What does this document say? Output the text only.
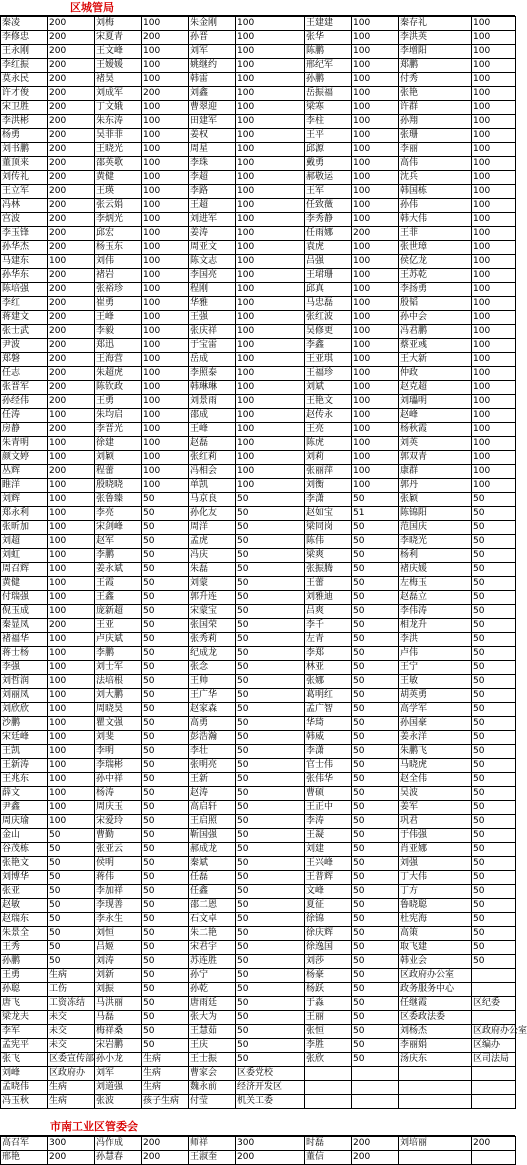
区城管局
秦凌	200	刘梅	100	朱金刚	100	王建建	100	秦存礼	100
李修忠	200	宋夏青	200	孙晋	100	张华	100	李洪英	100
王永刚	200	王文峰	100	刘军	100	陈鹏	100	李增阳	100
李红振	200	王嫒媛	100	姚继约	100	邢纪军	100	郑鹏	100
莫永民	200	褚昊	100	韩雷	100	孙鹏	100	付秀	100
许才俊	200	刘成军	200	刘鑫	100	岳振福	100	张艳	100
宋卫胜	200	丁文娥	100	曹翠迎	100	梁寒	100	许群	100
李洪彬	200	朱东涛	100	田建军	100	李柱	100	孙翔	100
杨勇	200	吴菲菲	100	姜权	100	王平	100	张珊	100
刘书鹏	200	王晓光	100	周星	100	邱源	100	李丽	100
董顶来	200	邵英歌	100	李珠	100	戴勇	100	高伟	100
刘传礼	200	黄健	100	李超	100	郝敬运	100	沈兵	100
王立军	200	王瑛	100	李路	100	王军	100	韩国栋	100
冯林	200	张云娟	100	王超	100	任致薇	100	孙伟	100
宫波	200	李炳光	100	刘进军	100	李秀静	100	韩大伟	100
李玉锋	200	邱宏	100	姜涛	100	任雨娜	200	王菲	100
孙华杰	200	杨玉东	100	周亚文	100	袁虎	100	张世璋	100
马建东	100	刘伟	100	陈文志	100	吕强	100	侯亿龙	100
孙华东	200	褚岩	100	李国亮	100	王珺珊	100	王苏乾	100
陈培强	200	张裕珍	100	程刚	100	邱真	100	李扬勇	100
李红	200	崔勇	100	华雅	100	马忠磊	100	殷韬	100
蒋建文	200	王峰	100	王强	100	张红波	100	孙中会	100
张士武	200	李毅	100	张庆祥	100	吴修更	100	冯君鹏	100
尹波	200	郑迅	100	于宝雷	100	李鑫	100	蔡亚彧	100
郑磐	200	王海营	100	岳成	100	王亚琪	100	王大新	100
任志	200	朱超虎	100	李照泰	100	王福珍	100	仲政	100
张晋军	200	陈钦政	100	韩琳琳	100	刘斌	100	赵克超	100
孙经伟	200	王勇	100	刘景雨	100	王艳文	100	刘瓃明	100
任涛	100	朱均启	100	邵成	100	赵传永	100	赵峰	100
房静	200	李晋光	100	王峰	100	王亮	100	杨秋霞	100
朱青明	100	徐建	100	赵磊	100	陈虎	100	刘英	100
颜文婷	100	刘颖	100	张红莉	100	刘莉	100	郭双青	100
丛辉	200	程蕾	100	冯相会	100	张丽萍	100	康群	100
睢洋	100	殷晓晓	100	单凯	100	刘衡	100	郭丹	100
刘辉	100	张鲁臻	50	马京良	50	李潇	50	张颖	50
郑永利	100	李亮	50	孙化友	50	赵如宝	51	陈锦阳	50
张昕加	100	宋剑峰	50	周洋	50	梁同岗	50	范国庆	50
刘超	100	赵军	50	孟虎	50	陈伟	50	李晓光	50
刘虹	100	李鹏	50	冯庆	50	梁爽	50	杨利	50
周召辉	100	姜永斌	50	朱磊	50	张振腾	50	褚庆媛	50
黄健	100	王霞	50	刘蒙	50	王蕾	50	左梅玉	50
付瑞强	100	王鑫	50	郭升连	50	刘雅迪	50	赵磊立	50
倪玉成	100	庞新超	50	宋蒙宝	50	吕爽	50	李伟涛	50
秦显凤	200	王亚	50	张国荣	50	李千	50	相龙升	50
褚福华	100	卢庆斌	50	张秀莉	50	左青	50	李洪	50
蒋士杨	100	李鹏	50	纪成龙	50	李郑	50	卢伟	50
李强	100	刘士军	50	张念	50	林亚	50	王宁	50
刘哲润	100	法培根	50	王帅	50	张娜	50	王敏	50
刘丽凤	100	刘大鹏	50	王广华	50	葛明红	50	胡英勇	50
刘欣欣	100	周晓昊	50	赵家森	50	孟广智	50	高学军	50
沙鹏	100	瞿文强	50	高勇	50	华琦	50	孙国豪	50
宋廷峰	100	刘斐	50	彭浩瀚	50	韩威	50	姜永洋	50
王凯	100	李明	50	李壮	50	李潇	50	朱鹏飞	50
王新涛	100	李瑞彬	50	张明亮	50	官士伟	50	马晓虎	50
王兆东	100	孙中祥	50	王新	50	张伟华	50	赵全伟	50
薛文	100	杨涛	50	赵涛	50	曹硕	50	吴波	50
尹鑫	100	周庆玉	50	高启轩	50	王正中	50	姜军	50
周庆瑜	100	宋爱玲	50	王启照	50	李涛	50	巩君	50
金山	50	曹勤	50	靳国强	50	王凝	50	于伟强	50
谷茂栋	50	张亚云	50	郝成龙	50	刘建	50	肖亚娜	50
张艳文	50	侯明	50	秦斌	50	王兴峰	50	刘强	50
刘博华	50	蒋伟	50	任磊	50	王普辉	50	丁大伟	50
张亚	50	李加祥	50	任鑫	50	文峰	50	丁方	50
赵敏	50	李现善	50	邵二恩	50	夏征	50	鲁晓聪	50
赵瑞东	50	李永生	50	石文卓	50	徐锦	50	杜宪海	50
朱景全	50	刘恒	50	朱二艳	50	徐庆辉	50	高策	50
王秀	50	吕姬	50	宋君宇	50	徐逸国	50	取飞建	50
孙鹏	50	刘涛	50	苏连胜	50	刘莎	50	韩业会	50
王勇	生病	刘新	50	孙宁	50	杨豪	50	区政府办公室	
孙聪	工伤	刘振	50	孙乾	50	杨跃	50	政务服务中心	
唐飞	工资冻结	马洪丽	50	唐雨廷	50	于淼	50	任继霞	区纪委
梁龙夫	未交	马磊	50	张大为	50	王丽	50	区委政法委	
李军	未交	梅祥桑	50	王慧茹	50	张恒	50	刘杨杰	区政府办公室
孟宪平	未交	宋岩鹏	50	王庆	50	李胜	50	李丽娟	区编办
张飞	区委宣传部	孙小龙	生病	王士振	50	张欣	50	汤庆东	区司法局
刘峰	区政府办	刘军	生病	曹家会	区委党校				
孟晓伟	生病	刘道强	生病	魏永前	经济开发区				
冯玉秋	生病	张波	孩子生病	付莹	机关工委				
市南工业区管委会
高召军	300	冯作成	200	师祥	300	时磊	200	刘培丽	200
邢艳	200	孙慧春	200	王淑奎	200	董信	200		
